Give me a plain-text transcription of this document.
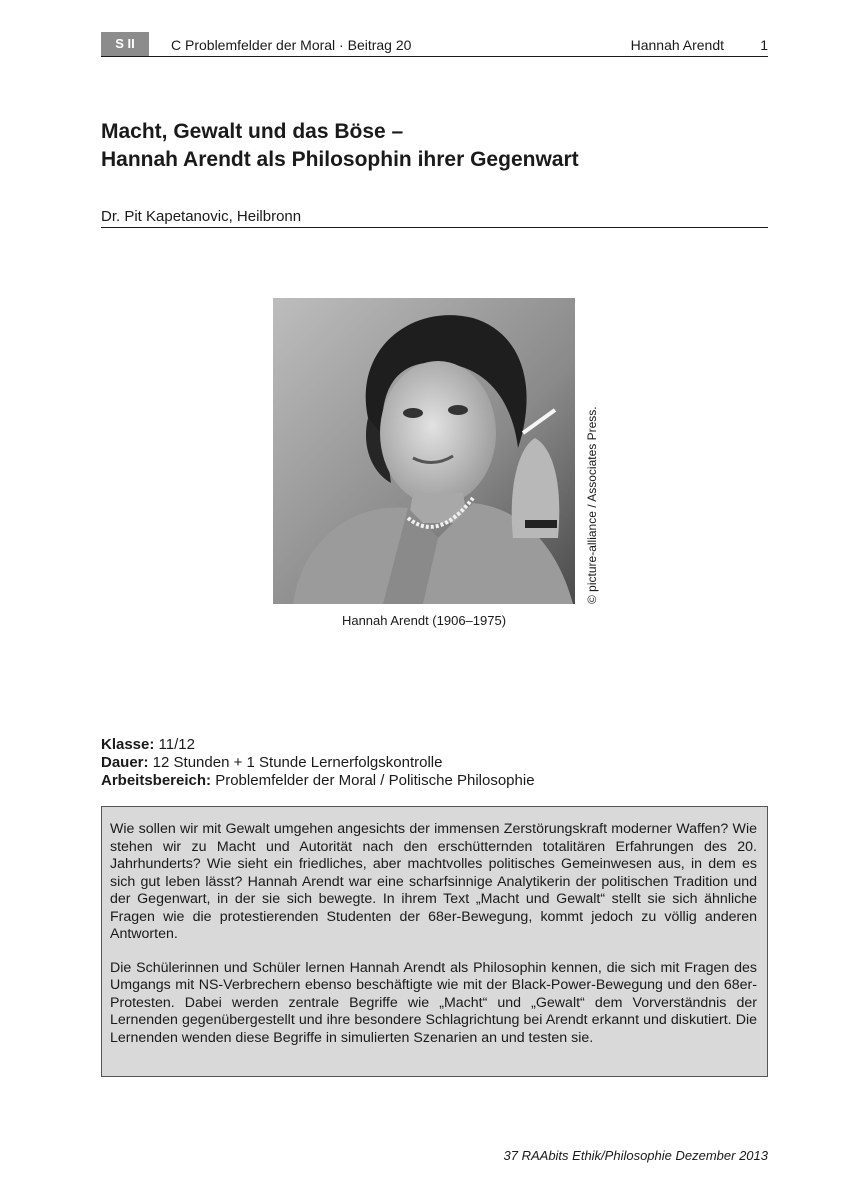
S II	C Problemfelder der Moral · Beitrag 20	Hannah Arendt	1
Macht, Gewalt und das Böse –
Hannah Arendt als Philosophin ihrer Gegenwart
Dr. Pit Kapetanovic, Heilbronn
© picture-alliance / Associates Press.
Hannah Arendt (1906–1975)
Klasse: 11/12
Dauer: 12 Stunden + 1 Stunde Lernerfolgskontrolle
Arbeitsbereich: Problemfelder der Moral / Politische Philosophie

Wie sollen wir mit Gewalt umgehen angesichts der immensen Zerstörungskraft moderner Waffen? Wie stehen wir zu Macht und Autorität nach den erschütternden totalitären Erfahrungen des 20. Jahrhunderts? Wie sieht ein friedliches, aber machtvolles politisches Gemeinwesen aus, in dem es sich gut leben lässt? Hannah Arendt war eine scharfsinnige Analytikerin der politischen Tradition und der Gegenwart, in der sie sich bewegte. In ihrem Text „Macht und Gewalt“ stellt sie sich ähnliche Fragen wie die protestierenden Studenten der 68er-Bewegung, kommt jedoch zu völlig anderen Antworten.

Die Schülerinnen und Schüler lernen Hannah Arendt als Philosophin kennen, die sich mit Fragen des Umgangs mit NS-Verbrechern ebenso beschäftigte wie mit der Black-Power-Bewegung und den 68er-Protesten. Dabei werden zentrale Begriffe wie „Macht“ und „Gewalt“ dem Vorverständnis der Lernenden gegenübergestellt und ihre besondere Schlagrichtung bei Arendt erkannt und diskutiert. Die Lernenden wenden diese Begriffe in simulierten Szenarien an und testen sie.

37 RAAbits Ethik/Philosophie Dezember 2013
